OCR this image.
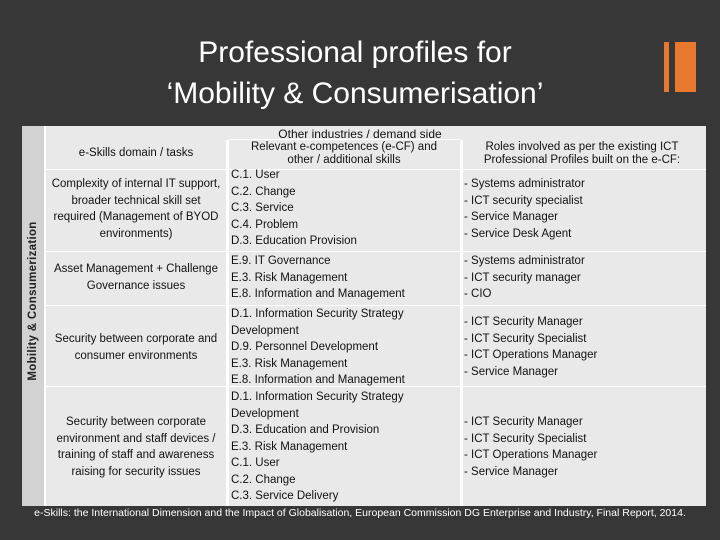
Professional profiles for
‘Mobility & Consumerisation’
Mobility & Consumerization
Other industries / demand side
e-Skills domain / tasks	Relevant e-competences (e-CF) and
other / additional skills
Roles involved as per the existing ICT
Professional Profiles built on the e-CF:
Complexity of internal IT support,
broader technical skill set
required (Management of BYOD
environments)
C.1. User
C.2. Change
C.3. Service
C.4. Problem
D.3. Education Provision
- Systems administrator
- ICT security specialist
- Service Manager
- Service Desk Agent
Asset Management + Challenge
Governance issues
E.9. IT Governance
E.3. Risk Management
E.8. Information and Management
- Systems administrator
- ICT security manager
- CIO
Security between corporate and
consumer environments
D.1. Information Security Strategy
Development
D.9. Personnel Development
E.3. Risk Management
E.8. Information and Management
- ICT Security Manager
- ICT Security Specialist
- ICT Operations Manager
- Service Manager
Security between corporate
environment and staff devices /
training of staff and awareness
raising for security issues
D.1. Information Security Strategy
Development
D.3. Education and Provision
E.3. Risk Management
C.1. User
C.2. Change
C.3. Service Delivery
- ICT Security Manager
- ICT Security Specialist
- ICT Operations Manager
- Service Manager
e-Skills: the International Dimension and the Impact of Globalisation, European Commission DG Enterprise and Industry, Final Report, 2014.
